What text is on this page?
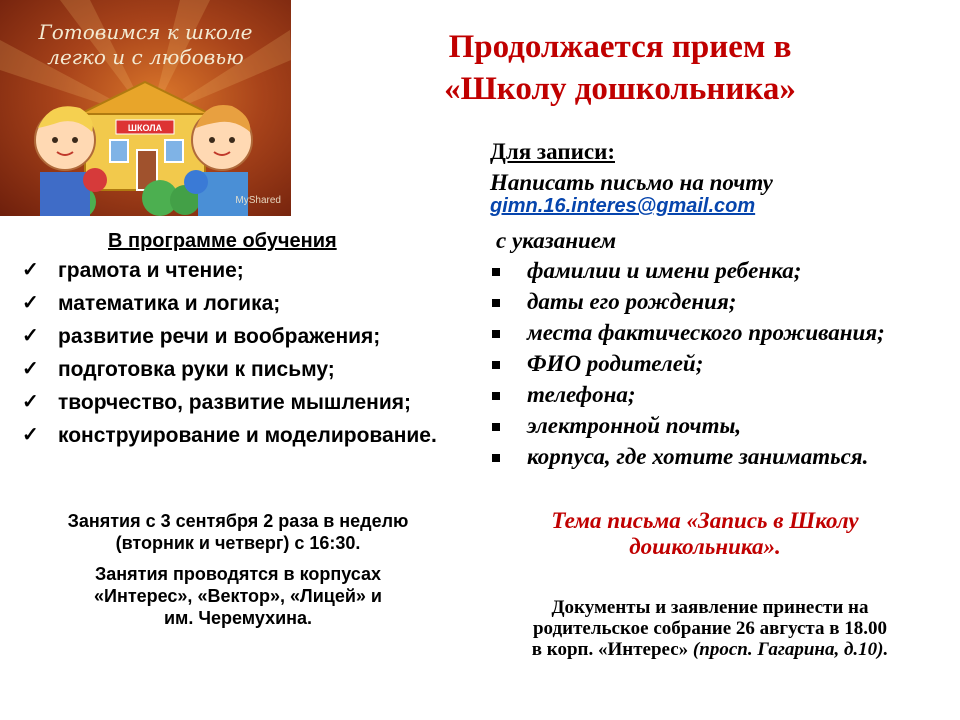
ШКОЛА
Готовимся к школе
легко и с любовью
MyShared
Продолжается прием в
«Школу дошкольника»
В программе обучения
✓ грамота и чтение;
✓ математика и логика;
✓ развитие речи и воображения;
✓ подготовка руки к письму;
✓ творчество, развитие мышления;
✓ конструирование и моделирование.
Занятия с 3 сентября 2 раза в неделю
(вторник и четверг) с 16:30.
Занятия проводятся в корпусах
«Интерес», «Вектор», «Лицей» и
им. Черемухина.
Для записи:
Написать письмо на почту
gimn.16.interes@gmail.com
с указанием
фамилии и имени ребенка;
даты его рождения;
места фактического проживания;
ФИО родителей;
телефона;
электронной почты,
корпуса, где хотите заниматься.
Тема письма «Запись в Школу
дошкольника».
Документы и заявление принести на
родительское собрание 26 августа в 18.00
в корп. «Интерес» (просп. Гагарина, д.10).
